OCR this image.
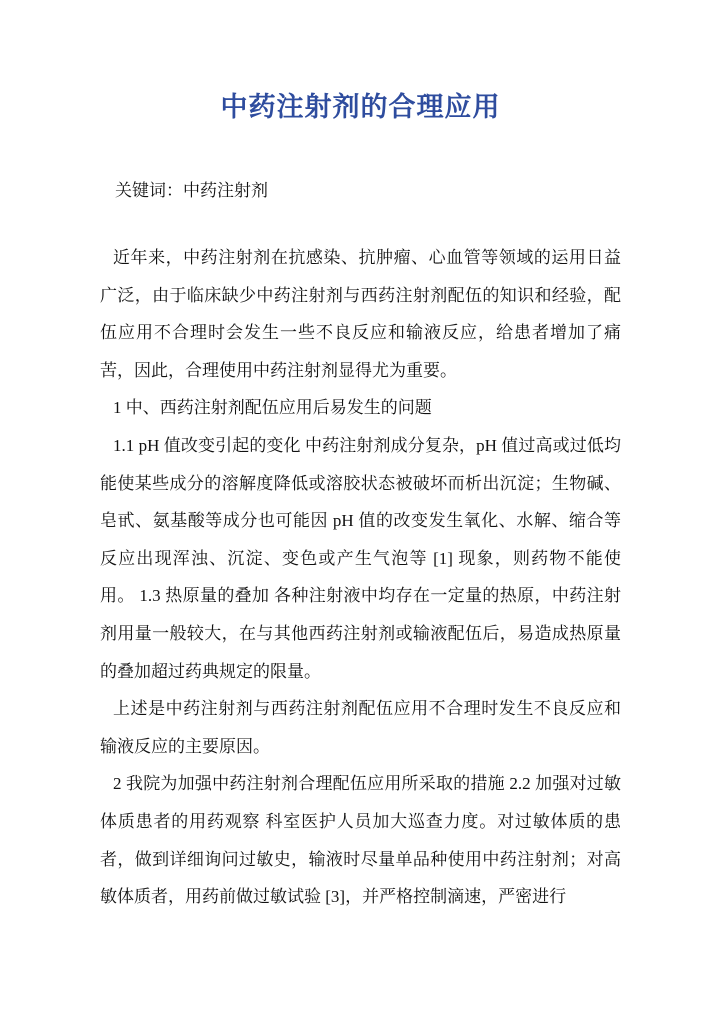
中药注射剂的合理应用

关键词：中药注射剂

近年来，中药注射剂在抗感染、抗肿瘤、心血管等领域的运用日益广泛，由于临床缺少中药注射剂与西药注射剂配伍的知识和经验，配伍应用不合理时会发生一些不良反应和输液反应，给患者增加了痛苦，因此，合理使用中药注射剂显得尤为重要。

1 中、西药注射剂配伍应用后易发生的问题

1.1 pH 值改变引起的变化 中药注射剂成分复杂，pH 值过高或过低均能使某些成分的溶解度降低或溶胶状态被破坏而析出沉淀；生物碱、皂甙、氨基酸等成分也可能因 pH 值的改变发生氧化、水解、缩合等反应出现浑浊、沉淀、变色或产生气泡等 [1] 现象，则药物不能使用。 1.3 热原量的叠加 各种注射液中均存在一定量的热原，中药注射剂用量一般较大，在与其他西药注射剂或输液配伍后，易造成热原量的叠加超过药典规定的限量。

上述是中药注射剂与西药注射剂配伍应用不合理时发生不良反应和输液反应的主要原因。

2 我院为加强中药注射剂合理配伍应用所采取的措施 2.2 加强对过敏体质患者的用药观察 科室医护人员加大巡查力度。对过敏体质的患者，做到详细询问过敏史，输液时尽量单品种使用中药注射剂；对高敏体质者，用药前做过敏试验 [3]，并严格控制滴速，严密进行
